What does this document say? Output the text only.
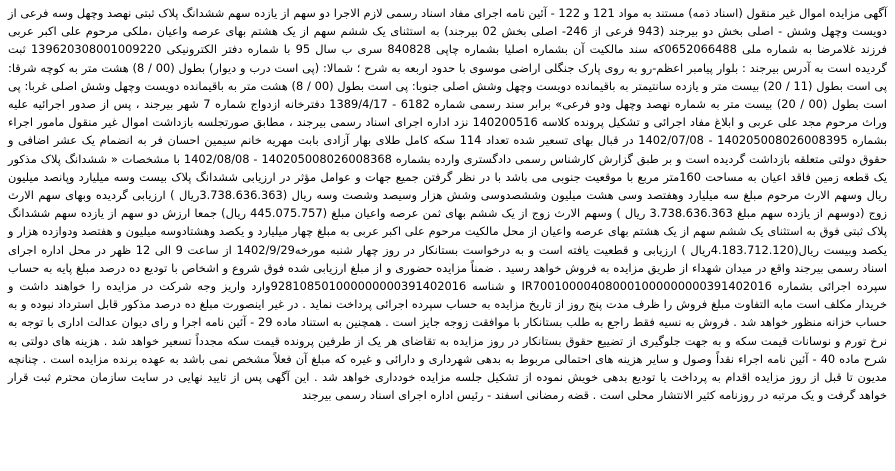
آگهی مزایده اموال غیر منقول (اسناد ذمه) مستند به مواد 121 و 122 - آئین نامه اجرای مفاد اسناد رسمی لازم الاجرا دو سهم از یازده سهم ششدانگ پلاک ثبتی نهصد وچهل وسه فرعی از دویست وچهل وشش - اصلی بخش دو بیرجند (943 فرعی از 246- اصلی بخش 02 بیرجند) به استثنای یک ششم سهم از یک هشتم بهای عرصه واعیان ،ملکی مرحوم علی اکبر عربی فرزند غلامرضا به شماره ملی 0652066488که سند مالکیت آن بشماره اصلیا بشماره چاپی 840828 سری ب سال 95 با شماره دفتر الکترونیکی 139620308001009220 ثبت گردیده است به آدرس بیرجند : بلوار پیامبر اعظم-رو به روی پارک جنگلی اراضی موسوی با حدود اربعه به شرح ؛ شمالا: (پی است درب و دیوار) بطول (00 / 8) هشت متر به کوچه شرقا: پی است بطول (11 / 20) بیست متر و یازده سانتیمتر به باقیمانده دویست وچهل وشش اصلی جنوبا: پی است بطول (00 / 8) هشت متر به باقیمانده دویست وچهل وشش اصلی غربا: پی است بطول (00 / 20) بیست متر به شماره نهصد وچهل ودو فرعی» برابر سند رسمی شماره 6182 - 1389/4/17 دفترخانه ازدواج شماره 7 شهر بیرجند ، پس از صدور اجرائیه علیه وراث مرحوم مجد علی عربی و ابلاغ مفاد اجرائی و تشکیل پرونده کلاسه 140200516 نزد اداره اجرای اسناد رسمی بیرجند ، مطابق صورتجلسه بازداشت اموال غیر منقول مامور اجراء بشماره 140205008026008395 - 1402/07/08 در قبال بهای تسعیر شده تعداد 114 سکه کامل طلای بهار آزادی بابت مهریه خانم سیمین احسان فر به انضمام یک عشر اضافی و حقوق دولتی متعلقه بازداشت گردیده است و بر طبق گزارش کارشناس رسمی دادگستری وارده بشماره 140205008026008368 - 1402/08/08 با مشخصات « ششدانگ پلاک مذکور یک قطعه زمین فاقد اعیان به مساحت 160متر مربع با موقعیت جنوبی می باشد با در نظر گرفتن جمیع جهات و عوامل مؤثر در ارزیابی ششدانگ پلاک بیست وسه میلیارد وپانصد میلیون ریال وسهم الارث مرحوم مبلغ سه میلیارد وهفتصد وسی هشت میلیون وششصدوسی وشش هزار وسیصد وشصت وسه ریال (3.738.636.363ریال ) ارزیابی گردیده وبهای سهم الارث زوج (دوسهم از یازده سهم مبلغ 3.738.636.363 ریال ) وسهم الارث زوج از یک ششم بهای ثمن عرصه واعیان مبلغ (445.075.757 ریال) جمعا ارزش دو سهم از یازده سهم ششدانگ پلاک ثبتی فوق به استثنای یک ششم سهم از یک هشتم بهای عرصه واعیان از محل مالکیت مرحوم علی اکبر عربی به مبلغ چهار میلیارد و یکصد وهشتادوسه میلیون و هفتصد ودوازده هزار و یکصد وبیست ریال(4.183.712.120ریال ) ارزیابی و قطعیت یافته است و به درخواست بستانکار در روز چهار شنبه مورخه1402/9/29 از ساعت 9 الی 12 ظهر در محل اداره اجرای اسناد رسمی بیرجند واقع در میدان شهداء از طریق مزایده به فروش خواهد رسید . ضمناً مزایده حضوری و از مبلغ ارزیابی شده فوق شروع و اشخاص با تودیع ده درصد مبلغ پایه به حساب سپرده اجرائی بشماره IR700100004080001000000000391402016 و شناسه 928108501000000000391402016وارد واریز وجه شرکت در مزایده را خواهند داشت و خریدار مکلف است مابه التفاوت مبلغ فروش را ظرف مدت پنج روز از تاریخ مزایده به حساب سپرده اجرائی پرداخت نماید . در غیر اینصورت مبلغ ده درصد مذکور قابل استرداد نبوده و به حساب خزانه منظور خواهد شد . فروش به نسیه فقط راجع به طلب بستانکار با موافقت زوجه جایز است . همچنین به استناد ماده 29 - آئین نامه اجرا و رای دیوان عدالت اداری با توجه به نرخ تورم و نوسانات قیمت سکه و به جهت جلوگیری از تضییع حقوق بستانکار در روز مزایده به تقاضای هر یک از طرفین پرونده قیمت سکه مجدداً تسعیر خواهد شد . هزینه های دولتی به شرح ماده 40 - آئین نامه اجراء نقداً وصول و سایر هزینه های احتمالی مربوط به بدهی شهرداری و دارائی و غیره که مبلغ آن فعلاً مشخص نمی باشد به عهده برنده مزایده است . چنانچه مدیون تا قبل از روز مزایده اقدام به پرداخت یا تودیع بدهی خویش نموده از تشکیل جلسه مزایده خودداری خواهد شد . این آگهی پس از تایید نهایی در سایت سازمان محترم ثبت قرار خواهد گرفت و یک مرتبه در روزنامه کثیر الانتشار محلی است . قضه رمضانی اسفند - رئیس اداره اجرای اسناد رسمی بیرجند
